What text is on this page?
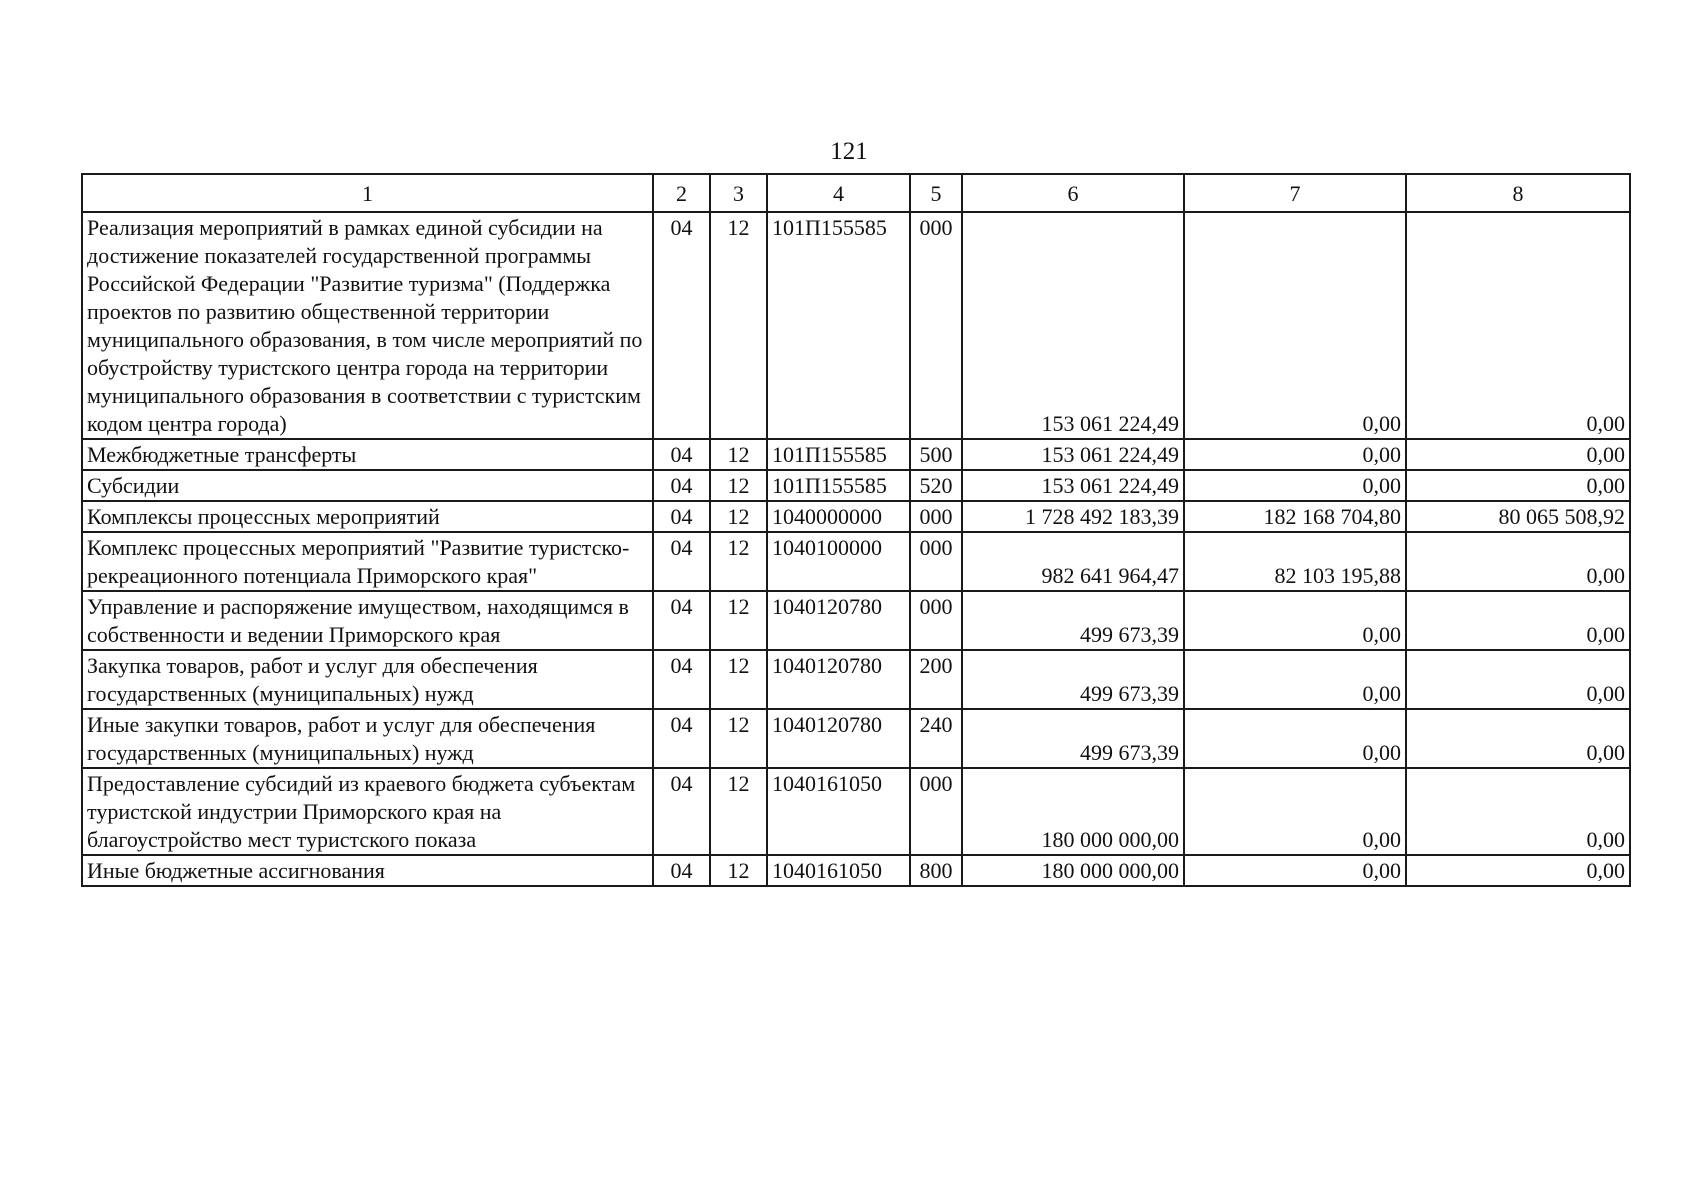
121
1	2	3	4	5	6	7	8
Реализация мероприятий в рамках единой субсидии на достижение показателей государственной программы Российской Федерации "Развитие туризма" (Поддержка проектов по развитию общественной территории муниципального образования, в том числе мероприятий по обустройству туристского центра города на территории муниципального образования в соответствии с туристским кодом центра города)	04	12	101П155585	000	153 061 224,49	0,00	0,00
Межбюджетные трансферты	04	12	101П155585	500	153 061 224,49	0,00	0,00
Субсидии	04	12	101П155585	520	153 061 224,49	0,00	0,00
Комплексы процессных мероприятий	04	12	1040000000	000	1 728 492 183,39	182 168 704,80	80 065 508,92
Комплекс процессных мероприятий "Развитие туристско-рекреационного потенциала Приморского края"	04	12	1040100000	000	982 641 964,47	82 103 195,88	0,00
Управление и распоряжение имуществом, находящимся в собственности и ведении Приморского края	04	12	1040120780	000	499 673,39	0,00	0,00
Закупка товаров, работ и услуг для обеспечения государственных (муниципальных) нужд	04	12	1040120780	200	499 673,39	0,00	0,00
Иные закупки товаров, работ и услуг для обеспечения государственных (муниципальных) нужд	04	12	1040120780	240	499 673,39	0,00	0,00
Предоставление субсидий из краевого бюджета субъектам туристской индустрии Приморского края на благоустройство мест туристского показа	04	12	1040161050	000	180 000 000,00	0,00	0,00
Иные бюджетные ассигнования	04	12	1040161050	800	180 000 000,00	0,00	0,00
